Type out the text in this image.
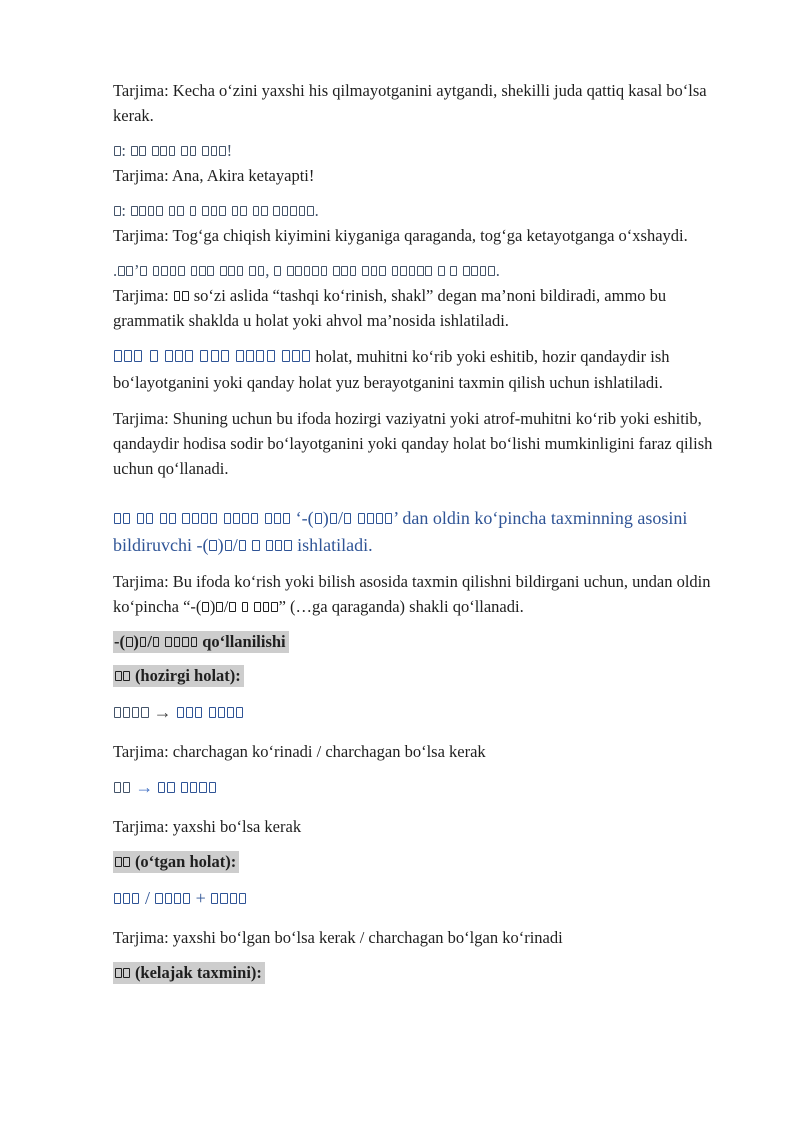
Tarjima: Kecha o‘zini yaxshi his qilmayotganini aytgandi, shekilli juda qattiq kasal bo‘lsa kerak.

:	!

Tarjima: Ana, Akira ketayapti!

:	.

Tarjima: Tog‘ga chiqish kiyimini kiyganiga qaraganda, tog‘ga ketayotganga o‘xshaydi.

. ’	,	.

Tarjima:  so‘zi aslida “tashqi ko‘rinish, shakl” degan ma’noni bildiradi, ammo bu grammatik shaklda u holat yoki ahvol ma’nosida ishlatiladi.

holat, muhitni ko‘rib yoki eshitib, hozir qandaydir ish bo‘layotganini yoki qanday holat yuz berayotganini taxmin qilish uchun ishlatiladi.

Tarjima: Shuning uchun bu ifoda hozirgi vaziyatni yoki atrof-muhitni ko‘rib yoki eshitib, qandaydir hodisa sodir bo‘layotganini yoki qanday holat bo‘lishi mumkinligini faraz qilish uchun qo‘llanadi.

‘-( ) /	’ dan oldin ko‘pincha taxminning asosini bildiruvchi -( ) /	ishlatiladi.

Tarjima: Bu ifoda ko‘rish yoki bilish asosida taxmin qilishni bildirgani uchun, undan oldin ko‘pincha “-( ) /	” (…ga qaraganda) shakli qo‘llanadi.

-( ) /	qo‘llanilishi

(hozirgi holat):

→

Tarjima: charchagan ko‘rinadi / charchagan bo‘lsa kerak

→

Tarjima: yaxshi bo‘lsa kerak

(o‘tgan holat):

/  +

Tarjima: yaxshi bo‘lgan bo‘lsa kerak / charchagan bo‘lgan ko‘rinadi

(kelajak taxmini):
